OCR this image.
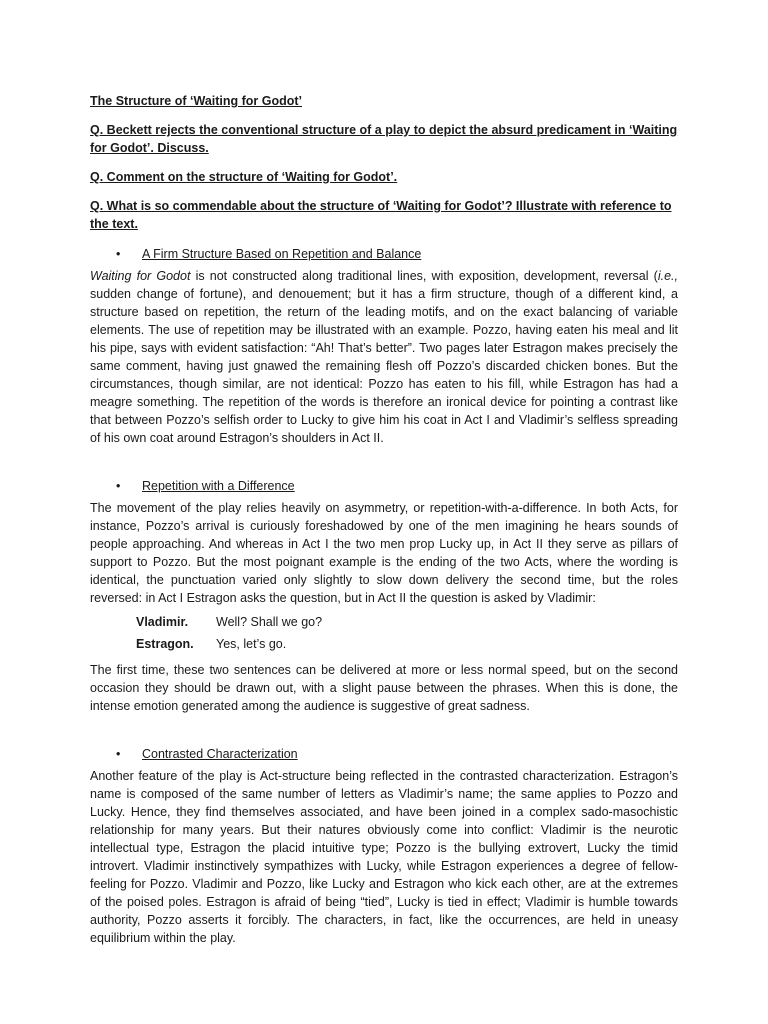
The Structure of ‘Waiting for Godot’
Q. Beckett rejects the conventional structure of a play to depict the absurd predicament in ‘Waiting for Godot’. Discuss.
Q. Comment on the structure of ‘Waiting for Godot’.
Q. What is so commendable about the structure of ‘Waiting for Godot’? Illustrate with reference to the text.
•	A Firm Structure Based on Repetition and Balance
Waiting for Godot is not constructed along traditional lines, with exposition, development, reversal (i.e., sudden change of fortune), and denouement; but it has a firm structure, though of a different kind, a structure based on repetition, the return of the leading motifs, and on the exact balancing of variable elements. The use of repetition may be illustrated with an example. Pozzo, having eaten his meal and lit his pipe, says with evident satisfaction: “Ah! That’s better”. Two pages later Estragon makes precisely the same comment, having just gnawed the remaining flesh off Pozzo’s discarded chicken bones. But the circumstances, though similar, are not identical: Pozzo has eaten to his fill, while Estragon has had a meagre something. The repetition of the words is therefore an ironical device for pointing a contrast like that between Pozzo’s selfish order to Lucky to give him his coat in Act I and Vladimir’s selfless spreading of his own coat around Estragon’s shoulders in Act II.
•	Repetition with a Difference
The movement of the play relies heavily on asymmetry, or repetition-with-a-difference. In both Acts, for instance, Pozzo’s arrival is curiously foreshadowed by one of the men imagining he hears sounds of people approaching. And whereas in Act I the two men prop Lucky up, in Act II they serve as pillars of support to Pozzo. But the most poignant example is the ending of the two Acts, where the wording is identical, the punctuation varied only slightly to slow down delivery the second time, but the roles reversed: in Act I Estragon asks the question, but in Act II the question is asked by Vladimir:
Vladimir.	Well? Shall we go?
Estragon.	Yes, let’s go.
The first time, these two sentences can be delivered at more or less normal speed, but on the second occasion they should be drawn out, with a slight pause between the phrases. When this is done, the intense emotion generated among the audience is suggestive of great sadness.
•	Contrasted Characterization
Another feature of the play is Act-structure being reflected in the contrasted characterization. Estragon’s name is composed of the same number of letters as Vladimir’s name; the same applies to Pozzo and Lucky. Hence, they find themselves associated, and have been joined in a complex sado-masochistic relationship for many years. But their natures obviously come into conflict: Vladimir is the neurotic intellectual type, Estragon the placid intuitive type; Pozzo is the bullying extrovert, Lucky the timid introvert. Vladimir instinctively sympathizes with Lucky, while Estragon experiences a degree of fellow-feeling for Pozzo. Vladimir and Pozzo, like Lucky and Estragon who kick each other, are at the extremes of the poised poles. Estragon is afraid of being “tied”, Lucky is tied in effect; Vladimir is humble towards authority, Pozzo asserts it forcibly. The characters, in fact, like the occurrences, are held in uneasy equilibrium within the play.
